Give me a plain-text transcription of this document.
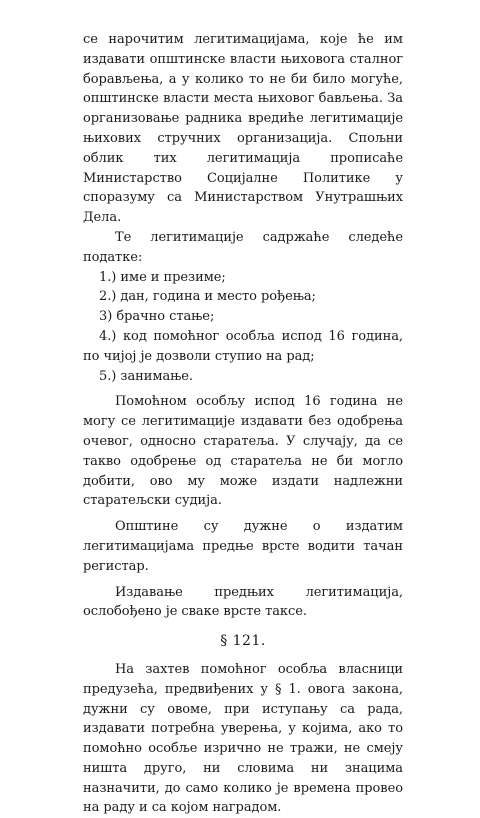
се нарочитим легитимацијама, које ће им издавати општинске власти њиховога сталног борављења, а у колико то не би било могуће, општинске власти места њиховог бављења. За организовање радника вредиће легитимације њихових стручних организација. Спољни облик тих легитимација прописаће Министарство Социјалне Политике у споразуму са Министарством Унутрашњих Дела.

Те легитимације садржаће следеће податке:

1.) име и презиме;
2.) дан, година и место рођења;
3) брачно стање;
4.) код помоћног особља испод 16 година, по чијој је дозволи ступио на рад;
5.) занимање.

Помоћном особљу испод 16 година не могу се легитимације издавати без одобрења очевог, односно старатеља. У случају, да се такво одобрење од старатеља не би могло добити, ово му може издати надлежни старатељски судија.

Општине су дужне о издатим легитимацијама предње врсте водити тачан регистар.

Издавање предњих легитимација, ослобођено је сваке врсте таксе.

§ 121.

На захтев помоћног особља власници предузећа, предвиђених у § 1. овога закона, дужни су овоме, при иступању са рада, издавати потребна уверења, у којима, ако то помоћно особље изрично не тражи, не смеју ништа друго, ни словима ни знацима назначити, до само колико је времена провео на раду и са којом наградом.
